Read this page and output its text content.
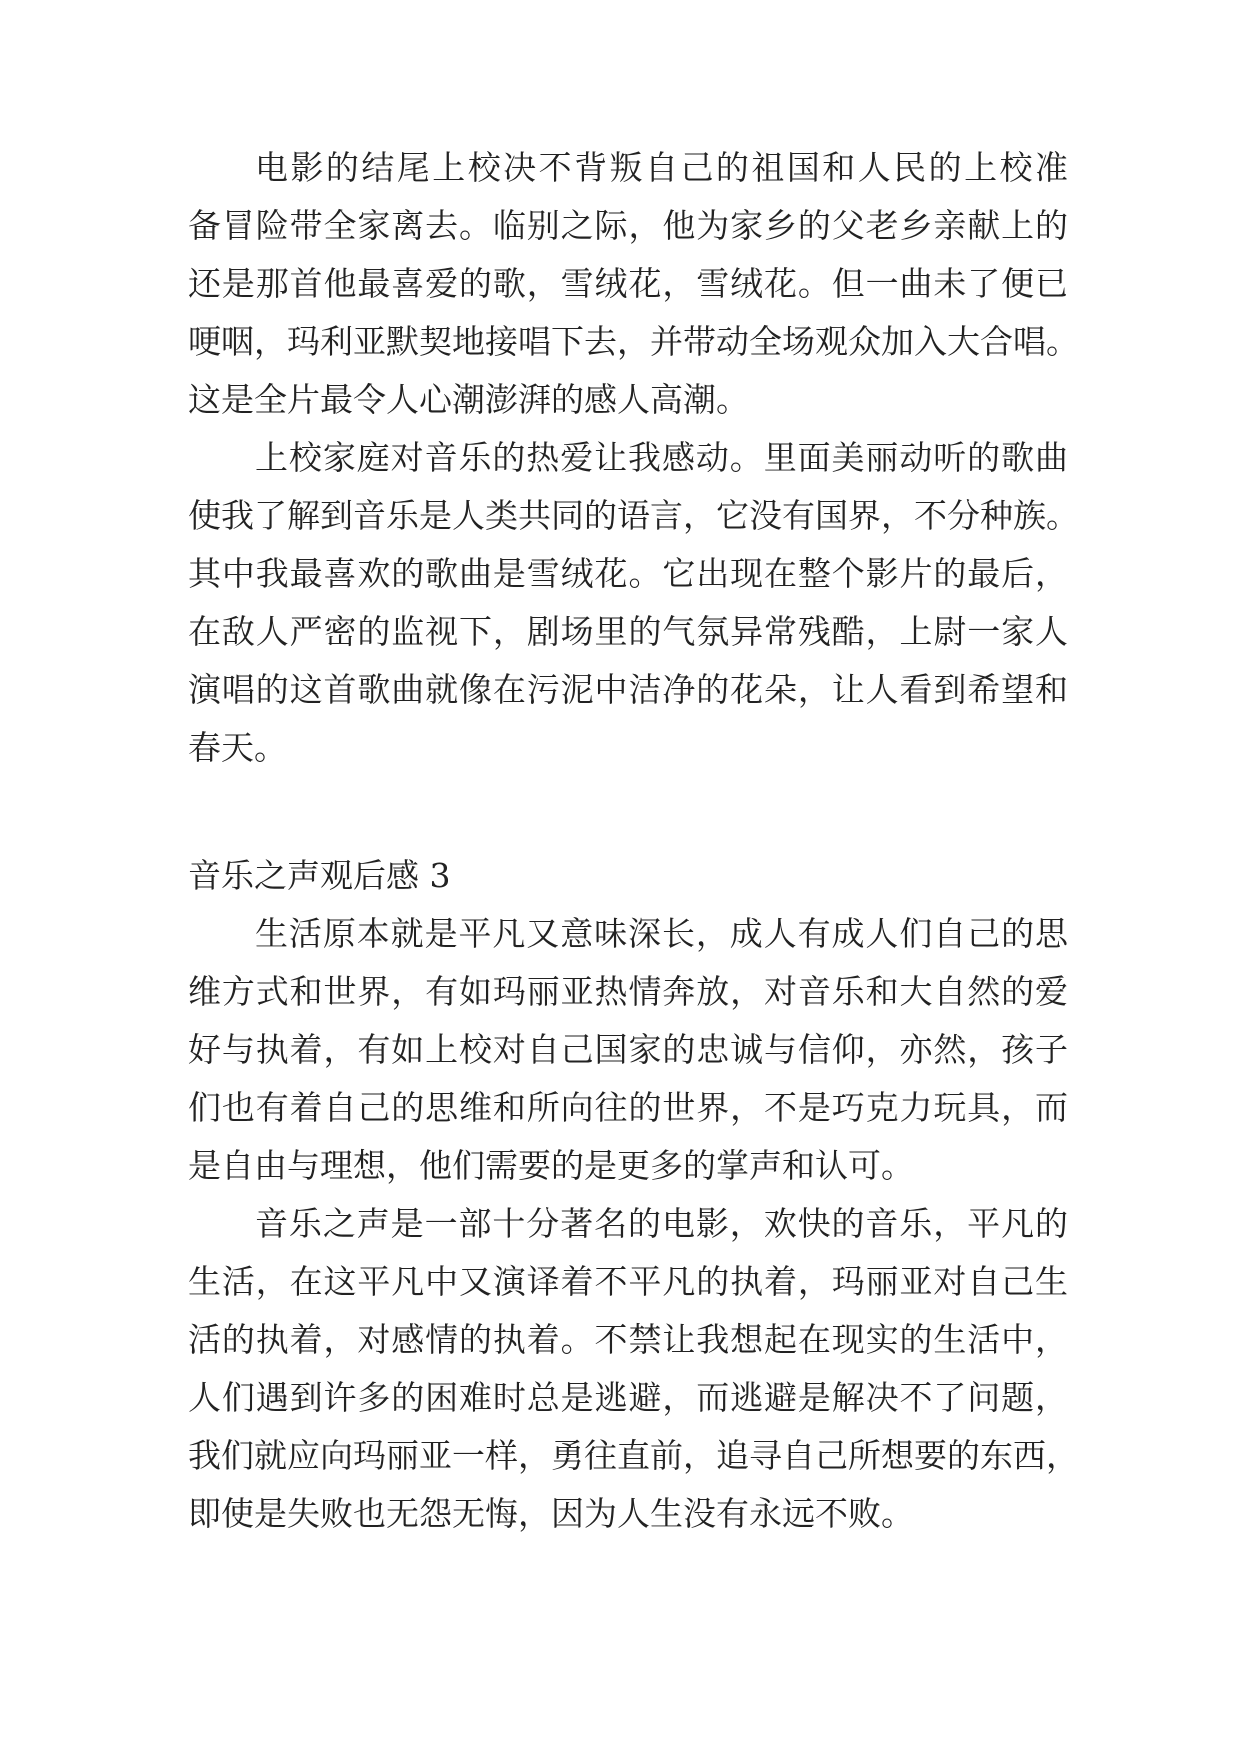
电影的结尾上校决不背叛自己的祖国和人民的上校准
备冒险带全家离去。临别之际，他为家乡的父老乡亲献上的
还是那首他最喜爱的歌，雪绒花，雪绒花。但一曲未了便已
哽咽，玛利亚默契地接唱下去，并带动全场观众加入大合唱。
这是全片最令人心潮澎湃的感人高潮。
上校家庭对音乐的热爱让我感动。里面美丽动听的歌曲
使我了解到音乐是人类共同的语言，它没有国界，不分种族。
其中我最喜欢的歌曲是雪绒花。它出现在整个影片的最后，
在敌人严密的监视下，剧场里的气氛异常残酷，上尉一家人
演唱的这首歌曲就像在污泥中洁净的花朵，让人看到希望和
春天。
音乐之声观后感 3
生活原本就是平凡又意味深长，成人有成人们自己的思
维方式和世界，有如玛丽亚热情奔放，对音乐和大自然的爱
好与执着，有如上校对自己国家的忠诚与信仰，亦然，孩子
们也有着自己的思维和所向往的世界，不是巧克力玩具，而
是自由与理想，他们需要的是更多的掌声和认可。
音乐之声是一部十分著名的电影，欢快的音乐，平凡的
生活，在这平凡中又演译着不平凡的执着，玛丽亚对自己生
活的执着，对感情的执着。不禁让我想起在现实的生活中，
人们遇到许多的困难时总是逃避，而逃避是解决不了问题，
我们就应向玛丽亚一样，勇往直前，追寻自己所想要的东西，
即使是失败也无怨无悔，因为人生没有永远不败。
